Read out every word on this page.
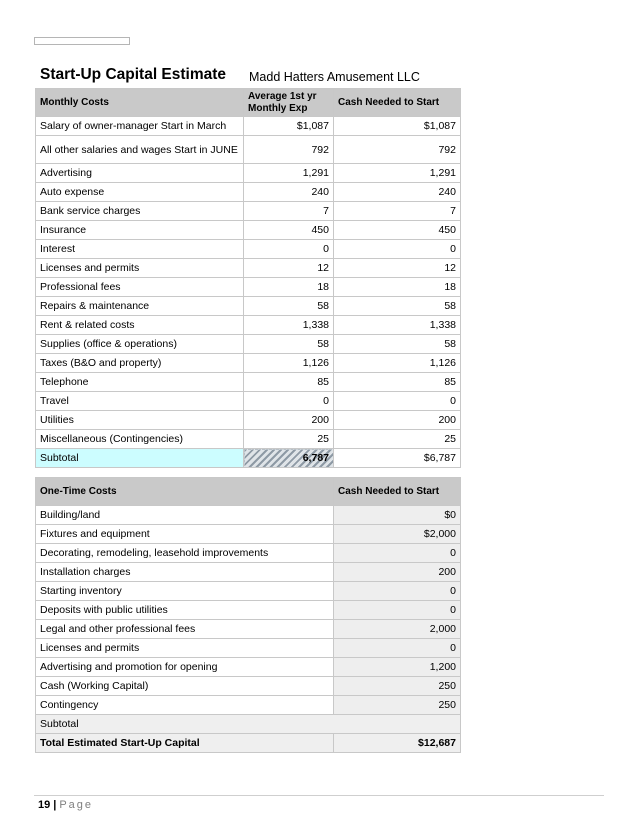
Start-Up Capital Estimate Madd Hatters Amusement LLC
Monthly Costs	Average 1st yr Monthly Exp	Cash Needed to Start
Salary of owner-manager Start in March	$1,087	$1,087
All other salaries and wages Start in JUNE	792	792
Advertising	1,291	1,291
Auto expense	240	240
Bank service charges	7	7
Insurance	450	450
Interest	0	0
Licenses and permits	12	12
Professional fees	18	18
Repairs & maintenance	58	58
Rent & related costs	1,338	1,338
Supplies (office & operations)	58	58
Taxes (B&O and property)	1,126	1,126
Telephone	85	85
Travel	0	0
Utilities	200	200
Miscellaneous (Contingencies)	25	25
Subtotal	6,787	$6,787
One-Time Costs	Cash Needed to Start
Building/land	$0
Fixtures and equipment	$2,000
Decorating, remodeling, leasehold improvements	0
Installation charges	200
Starting inventory	0
Deposits with public utilities	0
Legal and other professional fees	2,000
Licenses and permits	0
Advertising and promotion for opening	1,200
Cash (Working Capital)	250
Contingency	250
Subtotal	
Total Estimated Start-Up Capital	$12,687
19 | Page
